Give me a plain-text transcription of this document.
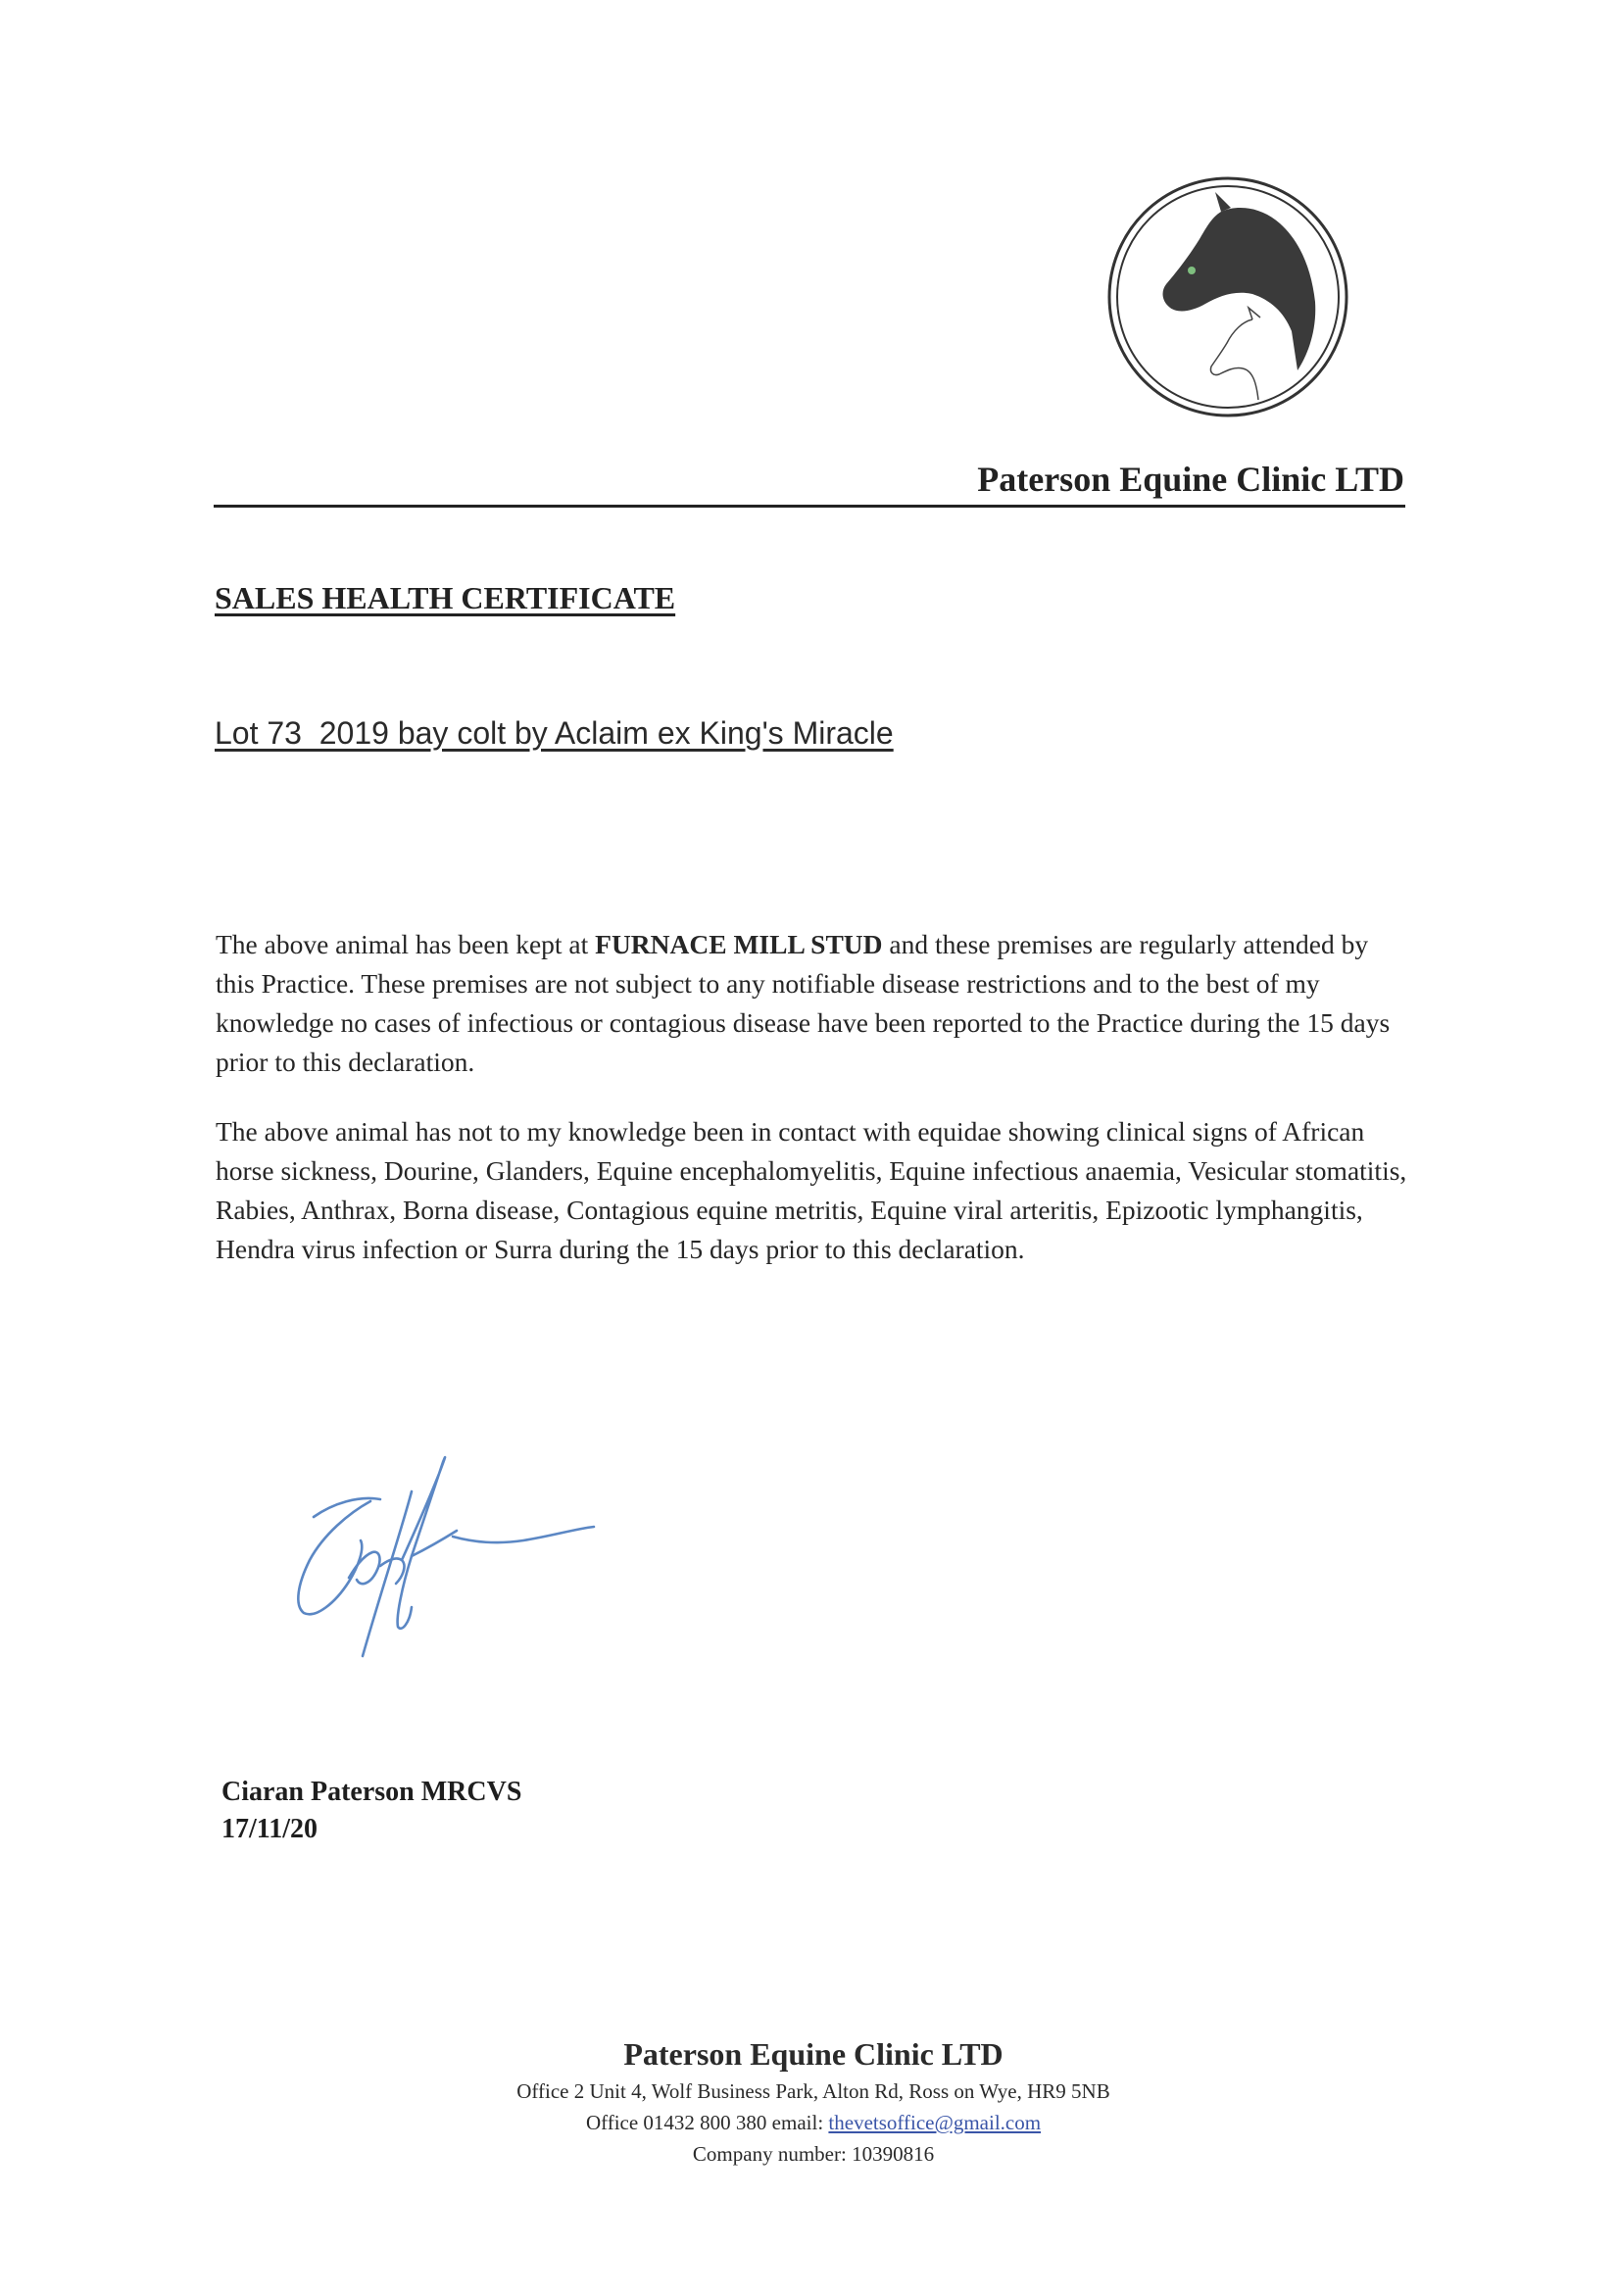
Paterson Equine Clinic LTD
SALES HEALTH CERTIFICATE
Lot 73  2019 bay colt by Aclaim ex King's Miracle

The above animal has been kept at FURNACE MILL STUD and these premises are regularly attended by this Practice. These premises are not subject to any notifiable disease restrictions and to the best of my knowledge no cases of infectious or contagious disease have been reported to the Practice during the 15 days prior to this declaration.

The above animal has not to my knowledge been in contact with equidae showing clinical signs of African horse sickness, Dourine, Glanders, Equine encephalomyelitis, Equine infectious anaemia, Vesicular stomatitis, Rabies, Anthrax, Borna disease, Contagious equine metritis, Equine viral arteritis, Epizootic lymphangitis, Hendra virus infection or Surra during the 15 days prior to this declaration.

Ciaran Paterson MRCVS
17/11/20
Paterson Equine Clinic LTD
Office 2 Unit 4, Wolf Business Park, Alton Rd, Ross on Wye, HR9 5NB
Office 01432 800 380 email: thevetsoffice@gmail.com
Company number: 10390816
